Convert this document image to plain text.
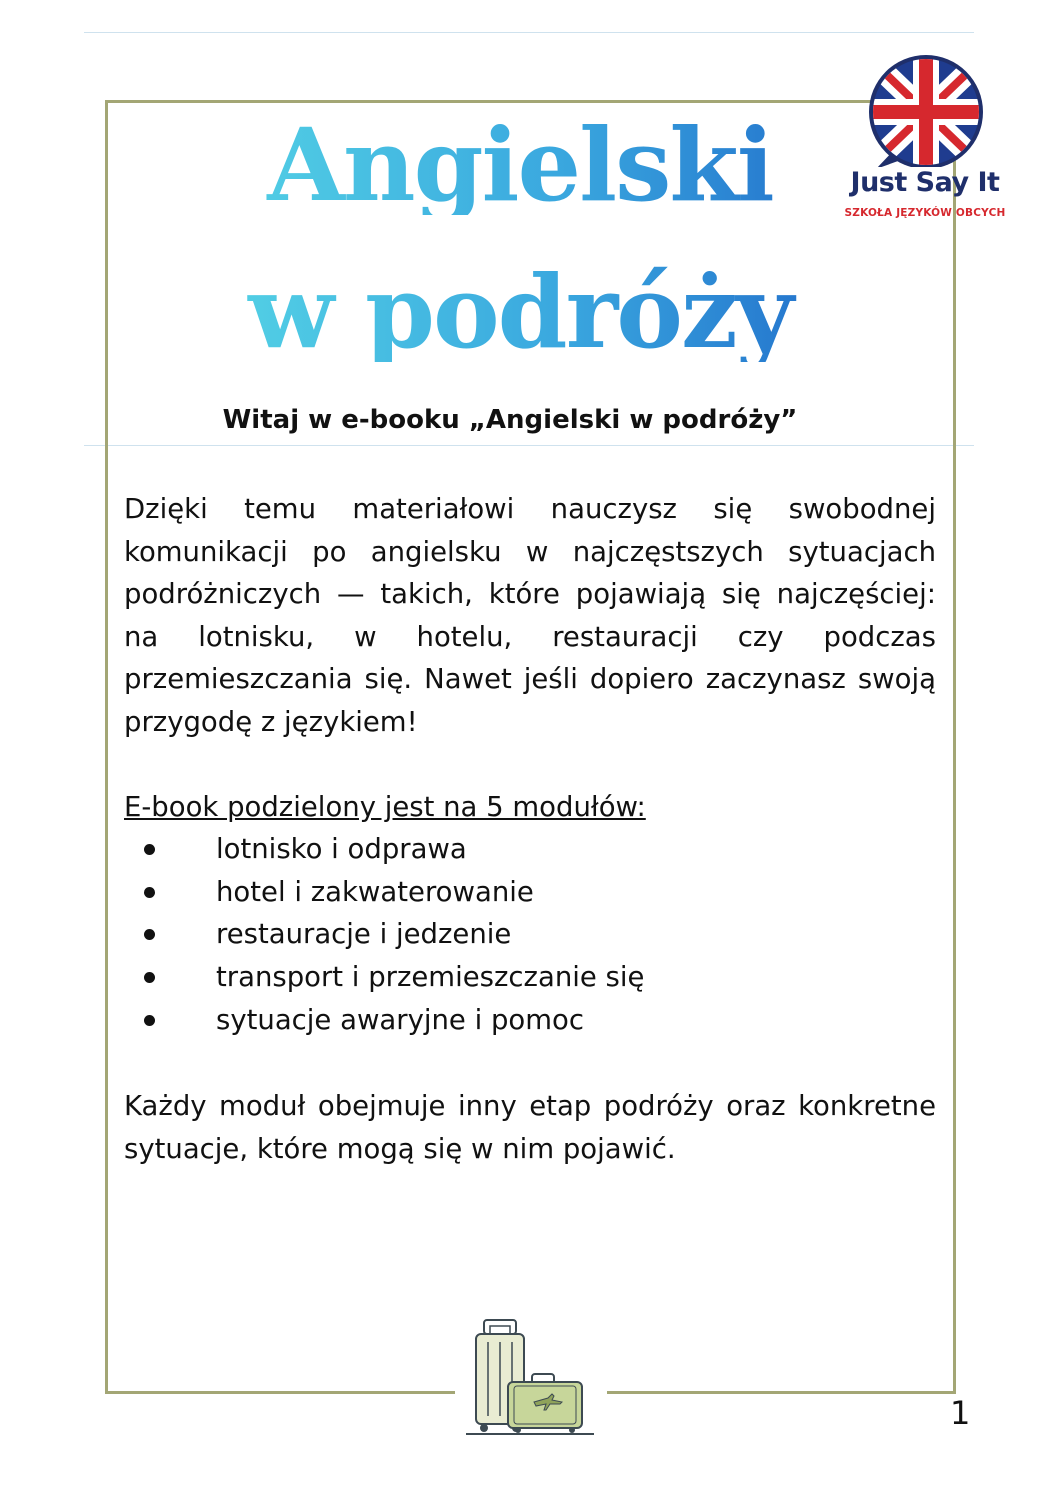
Angielski
w podróży

Just Say It

SZKOŁA JĘZYKÓW OBCYCH

Witaj w e-booku „Angielski w podróży”

Dzięki temu materiałowi nauczysz się swobodnej komunikacji po angielsku w najczęstszych sytuacjach podróżniczych — takich, które pojawiają się najczęściej: na lotnisku, w hotelu, restauracji czy podczas przemieszczania się. Nawet jeśli dopiero zaczynasz swoją przygodę z językiem!

E-book podzielony jest na 5 modułów:

lotnisko i odprawa
hotel i zakwaterowanie
restauracje i jedzenie
transport i przemieszczanie się
sytuacje awaryjne i pomoc

Każdy moduł obejmuje inny etap podróży oraz konkretne sytuacje, które mogą się w nim pojawić.

1
